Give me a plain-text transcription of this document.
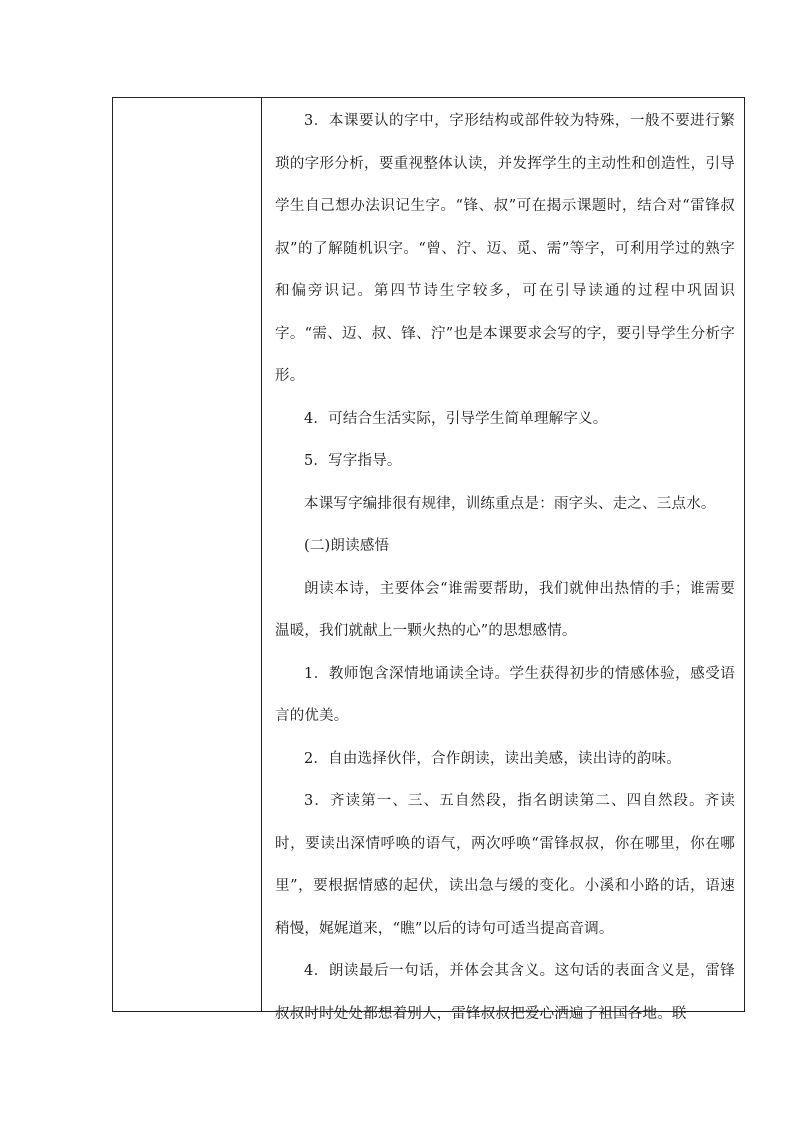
3．本课要认的字中，字形结构或部件较为特殊，一般不要进行繁琐的字形分析，要重视整体认读，并发挥学生的主动性和创造性，引导学生自己想办法识记生字。“锋、叔”可在揭示课题时，结合对“雷锋叔叔”的了解随机识字。“曾、泞、迈、觅、需”等字，可利用学过的熟字和偏旁识记。第四节诗生字较多，可在引导读通的过程中巩固识字。“需、迈、叔、锋、泞”也是本课要求会写的字，要引导学生分析字形。

4．可结合生活实际，引导学生简单理解字义。

5．写字指导。

本课写字编排很有规律，训练重点是：雨字头、走之、三点水。

(二)朗读感悟

朗读本诗，主要体会“谁需要帮助，我们就伸出热情的手；谁需要温暖，我们就献上一颗火热的心”的思想感情。

1．教师饱含深情地诵读全诗。学生获得初步的情感体验，感受语言的优美。

2．自由选择伙伴，合作朗读，读出美感，读出诗的韵味。

3．齐读第一、三、五自然段，指名朗读第二、四自然段。齐读时，要读出深情呼唤的语气，两次呼唤“雷锋叔叔，你在哪里，你在哪里”，要根据情感的起伏，读出急与缓的变化。小溪和小路的话，语速稍慢，娓娓道来，“瞧”以后的诗句可适当提高音调。

4．朗读最后一句话，并体会其含义。这句话的表面含义是，雷锋叔叔时时处处都想着别人，雷锋叔叔把爱心洒遍了祖国各地。联
